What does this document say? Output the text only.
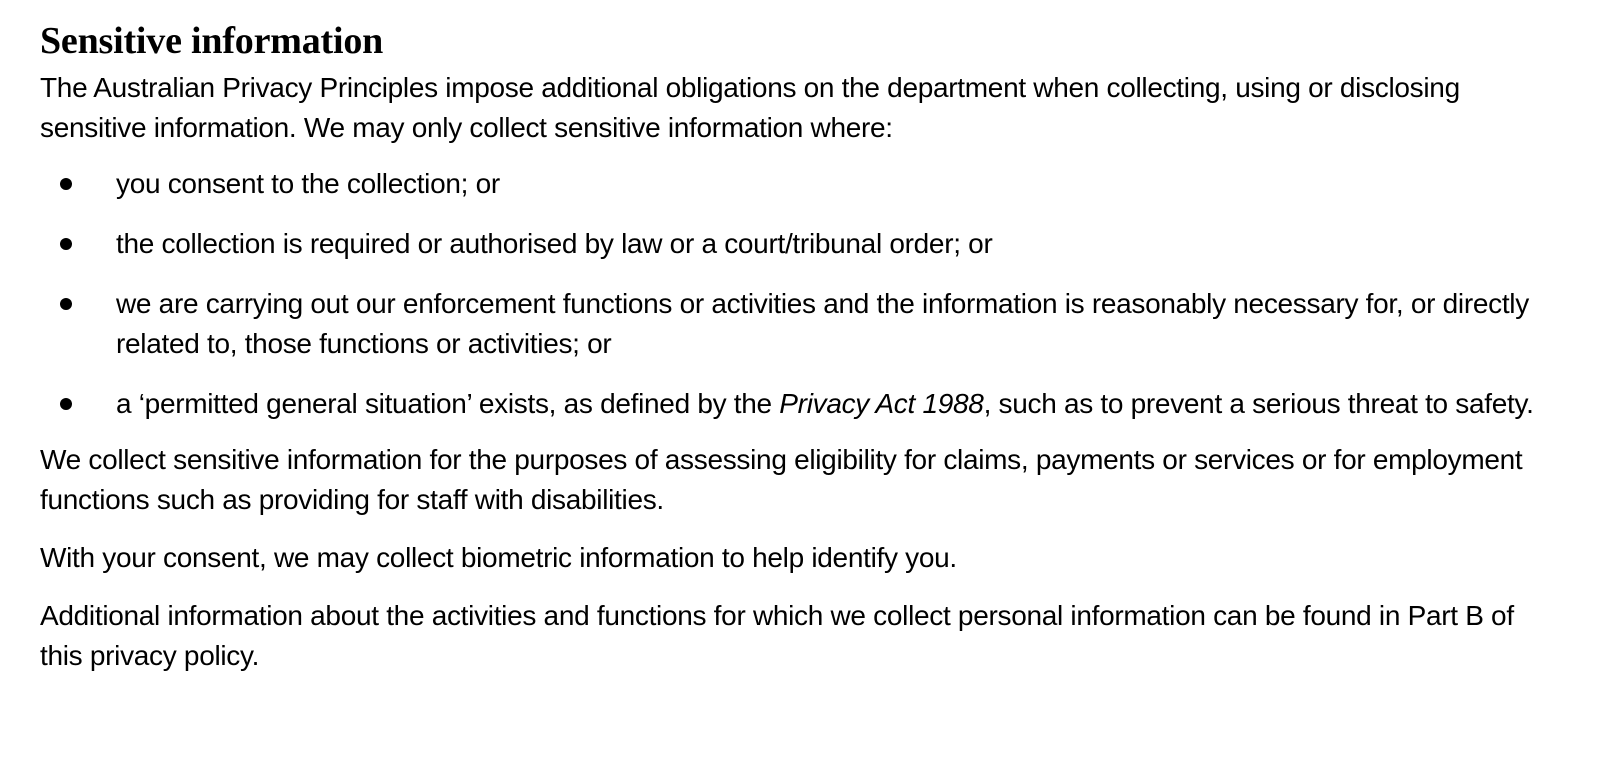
Sensitive information

The Australian Privacy Principles impose additional obligations on the department when collecting, using or disclosing sensitive information. We may only collect sensitive information where:

you consent to the collection; or
the collection is required or authorised by law or a court/tribunal order; or
we are carrying out our enforcement functions or activities and the information is reasonably necessary for, or directly related to, those functions or activities; or
a ‘permitted general situation’ exists, as defined by the Privacy Act 1988, such as to prevent a serious threat to safety.

We collect sensitive information for the purposes of assessing eligibility for claims, payments or services or for employment functions such as providing for staff with disabilities.

With your consent, we may collect biometric information to help identify you.

Additional information about the activities and functions for which we collect personal information can be found in Part B of this privacy policy.
